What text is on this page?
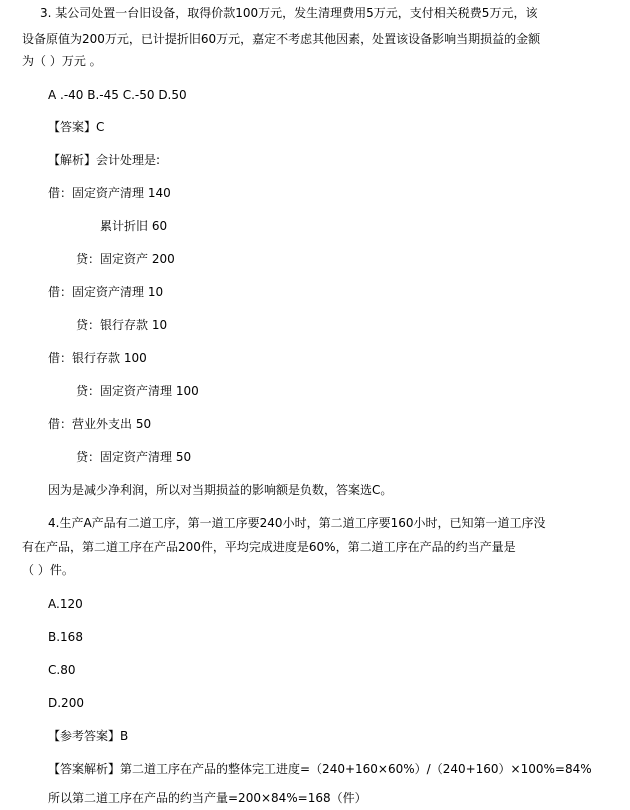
3. 某公司处置一台旧设备，取得价款100万元，发生清理费用5万元，支付相关税费5万元，该
设备原值为200万元，已计提折旧60万元，嘉定不考虑其他因素，处置该设备影响当期损益的金额
为（ ）万元 。
A .-40 B.-45 C.-50 D.50
【答案】C
【解析】会计处理是:
借：固定资产清理 140
累计折旧 60
贷：固定资产 200
借：固定资产清理 10
贷：银行存款 10
借：银行存款 100
贷：固定资产清理 100
借：营业外支出 50
贷：固定资产清理 50
因为是减少净利润，所以对当期损益的影响额是负数，答案选C。
4.生产A产品有二道工序，第一道工序要240小时，第二道工序要160小时，已知第一道工序没
有在产品，第二道工序在产品200件，平均完成进度是60%，第二道工序在产品的约当产量是
（ ）件。
A.120
B.168
C.80
D.200
【参考答案】B
【答案解析】第二道工序在产品的整体完工进度=（240+160×60%）/（240+160）×100%=84%
所以第二道工序在产品的约当产量=200×84%=168（件）
